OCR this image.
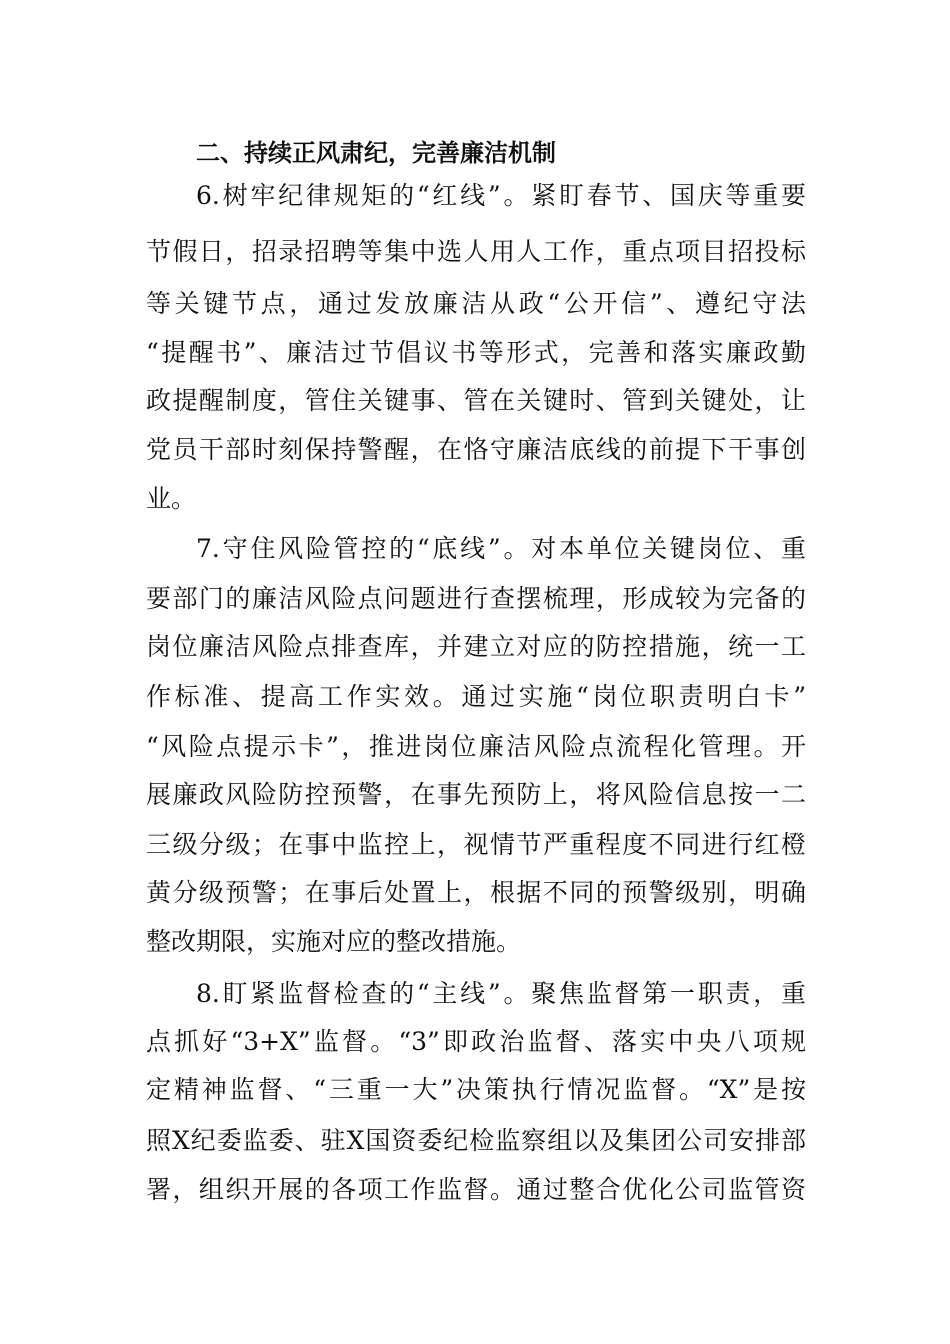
二、持续正风肃纪，完善廉洁机制
6.树牢纪律规矩的“红线”。紧盯春节、国庆等重要
节假日，招录招聘等集中选人用人工作，重点项目招投标
等关键节点，通过发放廉洁从政“公开信”、遵纪守法
“提醒书”、廉洁过节倡议书等形式，完善和落实廉政勤
政提醒制度，管住关键事、管在关键时、管到关键处，让
党员干部时刻保持警醒，在恪守廉洁底线的前提下干事创
业。
7.守住风险管控的“底线”。对本单位关键岗位、重
要部门的廉洁风险点问题进行查摆梳理，形成较为完备的
岗位廉洁风险点排查库，并建立对应的防控措施，统一工
作标准、提高工作实效。通过实施“岗位职责明白卡”
“风险点提示卡”，推进岗位廉洁风险点流程化管理。开
展廉政风险防控预警，在事先预防上，将风险信息按一二
三级分级；在事中监控上，视情节严重程度不同进行红橙
黄分级预警；在事后处置上，根据不同的预警级别，明确
整改期限，实施对应的整改措施。
8.盯紧监督检查的“主线”。聚焦监督第一职责，重
点抓好“3+X”监督。“3”即政治监督、落实中央八项规
定精神监督、“三重一大”决策执行情况监督。“X”是按
照X纪委监委、驻X国资委纪检监察组以及集团公司安排部
署，组织开展的各项工作监督。通过整合优化公司监管资
